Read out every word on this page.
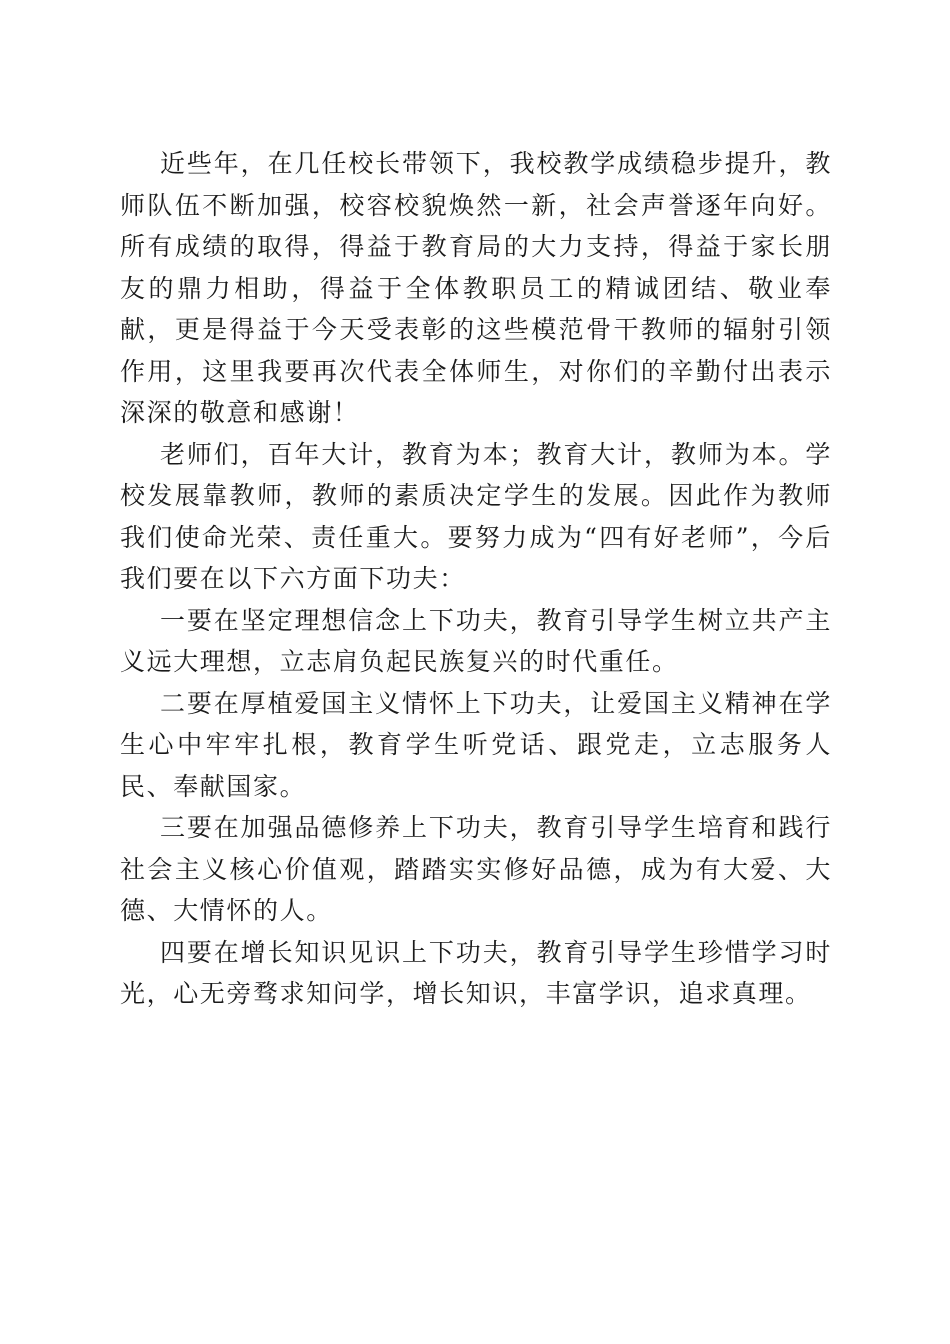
近些年，在几任校长带领下，我校教学成绩稳步提升，教师队伍不断加强，校容校貌焕然一新，社会声誉逐年向好。所有成绩的取得，得益于教育局的大力支持，得益于家长朋友的鼎力相助，得益于全体教职员工的精诚团结、敬业奉献，更是得益于今天受表彰的这些模范骨干教师的辐射引领作用，这里我要再次代表全体师生，对你们的辛勤付出表示深深的敬意和感谢！

老师们，百年大计，教育为本；教育大计，教师为本。学校发展靠教师，教师的素质决定学生的发展。因此作为教师我们使命光荣、责任重大。要努力成为“四有好老师”，今后我们要在以下六方面下功夫：

一要在坚定理想信念上下功夫，教育引导学生树立共产主义远大理想，立志肩负起民族复兴的时代重任。

二要在厚植爱国主义情怀上下功夫，让爱国主义精神在学生心中牢牢扎根，教育学生听党话、跟党走，立志服务人民、奉献国家。

三要在加强品德修养上下功夫，教育引导学生培育和践行社会主义核心价值观，踏踏实实修好品德，成为有大爱、大德、大情怀的人。

四要在增长知识见识上下功夫，教育引导学生珍惜学习时光，心无旁骛求知问学，增长知识，丰富学识，追求真理。
